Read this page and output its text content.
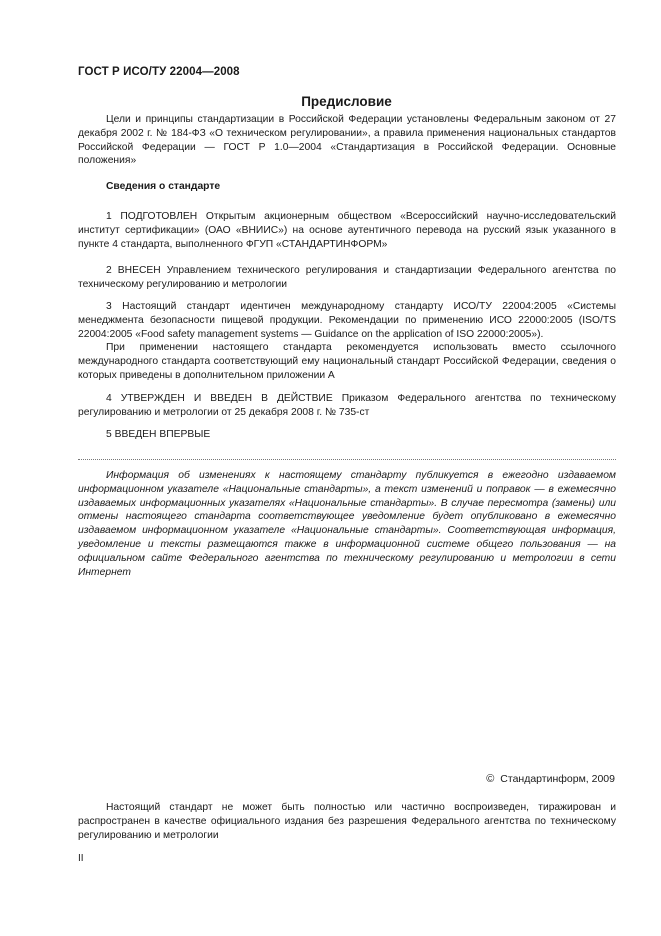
ГОСТ Р ИСО/ТУ 22004—2008
Предисловие

Цели и принципы стандартизации в Российской Федерации установлены Федеральным законом от 27 декабря 2002 г. № 184-ФЗ «О техническом регулировании», а правила применения национальных стандартов Российской Федерации — ГОСТ Р 1.0—2004 «Стандартизация в Российской Федерации. Основные положения»

Сведения о стандарте

1 ПОДГОТОВЛЕН Открытым акционерным обществом «Всероссийский научно-исследовательский институт сертификации» (ОАО «ВНИИС») на основе аутентичного перевода на русский язык указанного в пункте 4 стандарта, выполненного ФГУП «СТАНДАРТИНФОРМ»

2 ВНЕСЕН Управлением технического регулирования и стандартизации Федерального агентства по техническому регулированию и метрологии

3 Настоящий стандарт идентичен международному стандарту ИСО/ТУ 22004:2005 «Системы менеджмента безопасности пищевой продукции. Рекомендации по применению ИСО 22000:2005 (ISO/TS 22004:2005 «Food safety management systems — Guidance on the application of ISO 22000:2005»).

При применении настоящего стандарта рекомендуется использовать вместо ссылочного международного стандарта соответствующий ему национальный стандарт Российской Федерации, сведения о которых приведены в дополнительном приложении А

4 УТВЕРЖДЕН И ВВЕДЕН В ДЕЙСТВИЕ Приказом Федерального агентства по техническому регулированию и метрологии от 25 декабря 2008 г. № 735-ст

5 ВВЕДЕН ВПЕРВЫЕ

Информация об изменениях к настоящему стандарту публикуется в ежегодно издаваемом информационном указателе «Национальные стандарты», а текст изменений и поправок — в ежемесячно издаваемых информационных указателях «Национальные стандарты». В случае пересмотра (замены) или отмены настоящего стандарта соответствующее уведомление будет опубликовано в ежемесячно издаваемом информационном указателе «Национальные стандарты». Соответствующая информация, уведомление и тексты размещаются также в информационной системе общего пользования — на официальном сайте Федерального агентства по техническому регулированию и метрологии в сети Интернет

© Стандартинформ, 2009

Настоящий стандарт не может быть полностью или частично воспроизведен, тиражирован и распространен в качестве официального издания без разрешения Федерального агентства по техническому регулированию и метрологии

II
